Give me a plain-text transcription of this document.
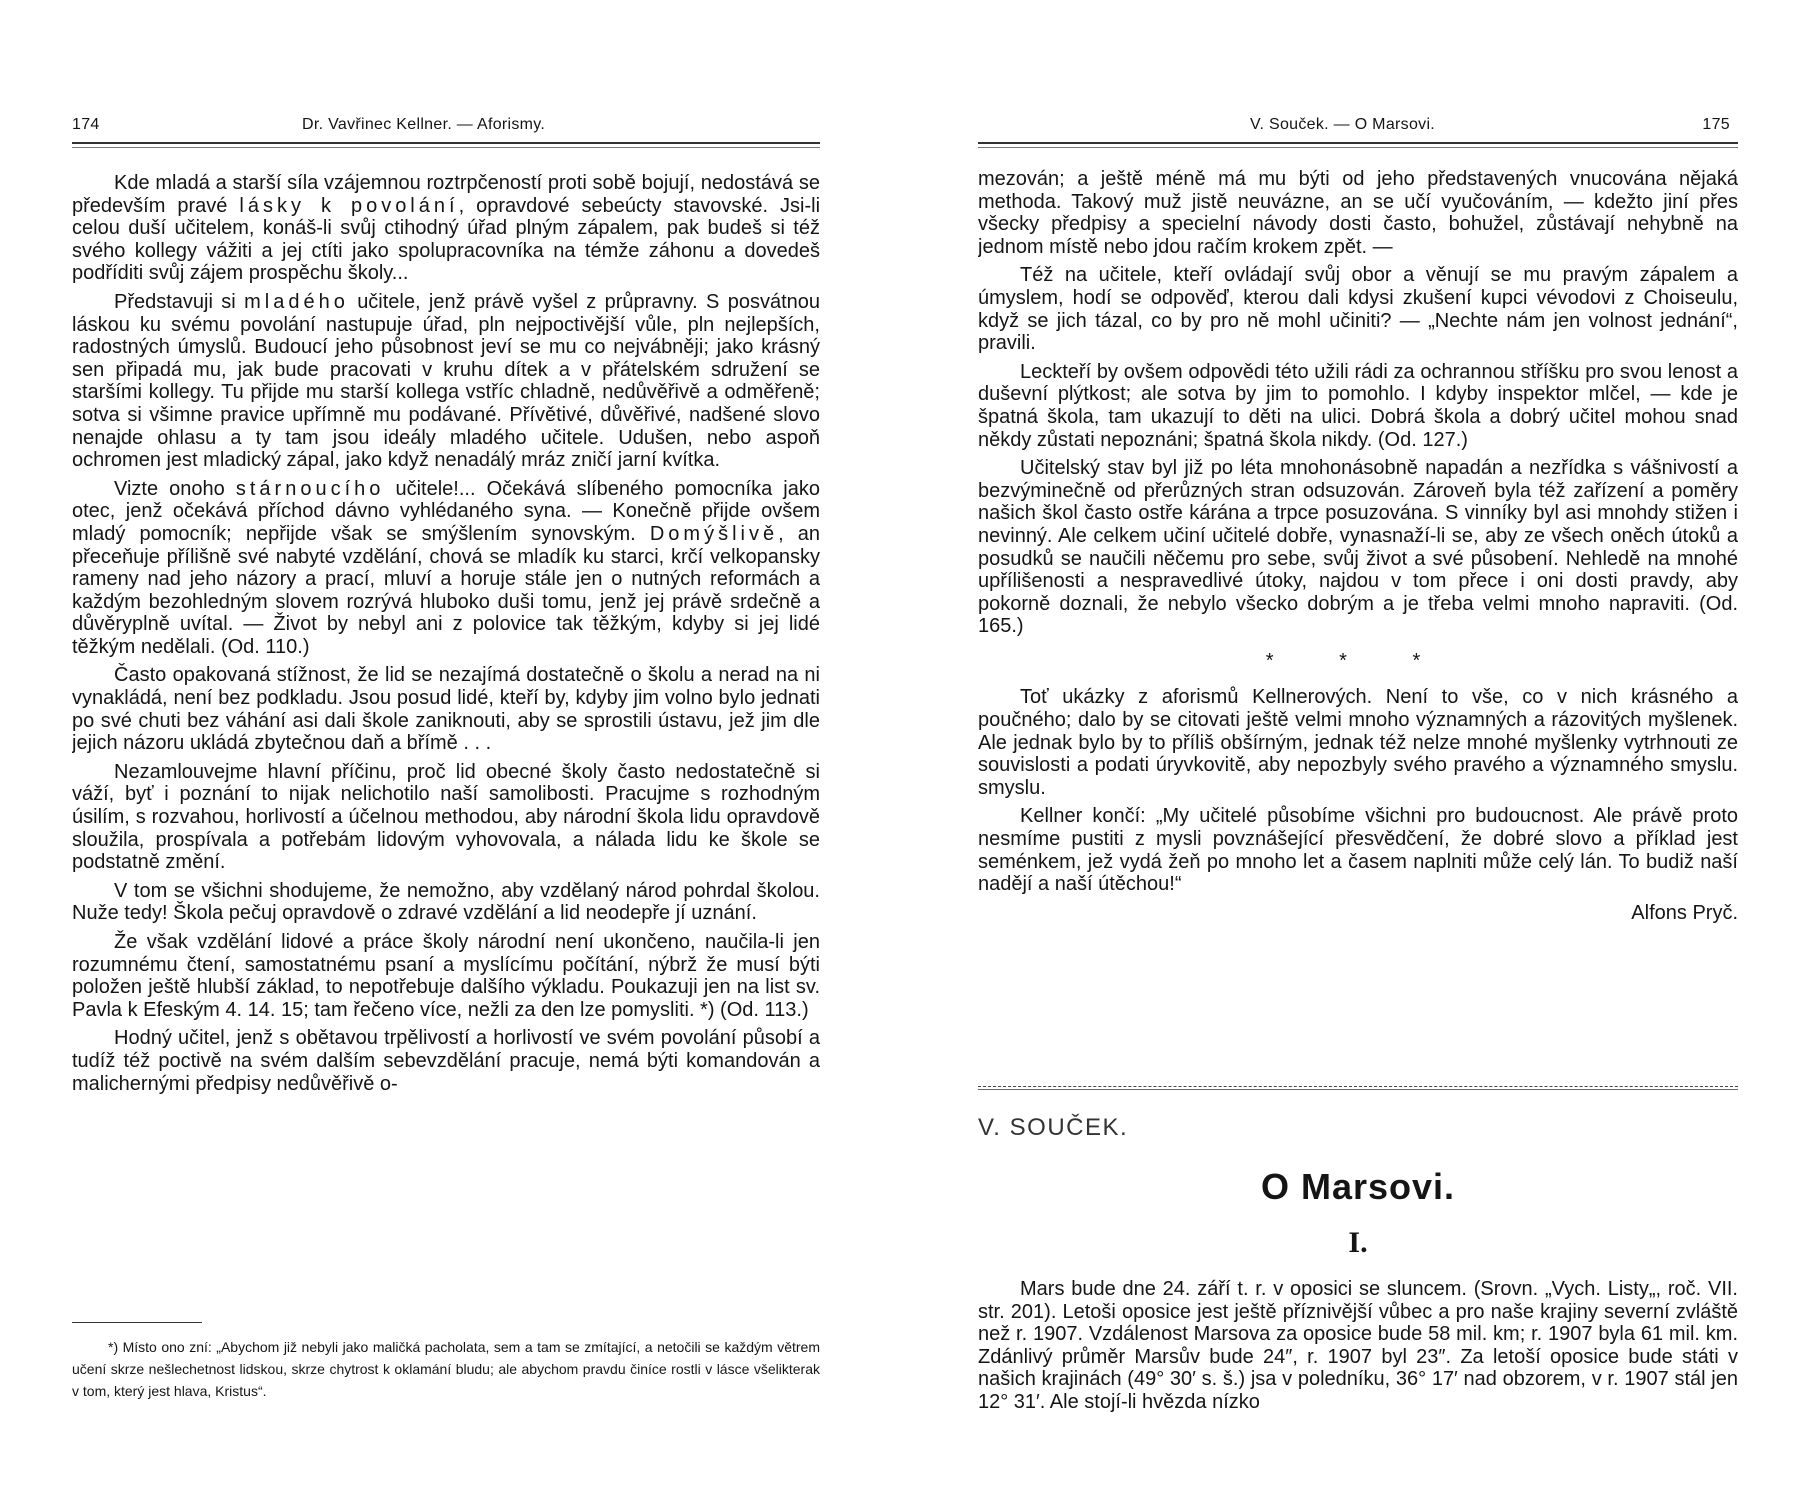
174	Dr. Vavřinec Kellner. — Aforismy.

Kde mladá a starší síla vzájemnou roztrpčeností proti sobě bojují, nedostává se především pravé lásky k povolání, opravdové sebeúcty stavovské. Jsi-li celou duší učitelem, konáš-li svůj ctihodný úřad plným zápalem, pak budeš si též svého kollegy vážiti a jej ctíti jako spolupracovníka na témže záhonu a dovedeš podříditi svůj zájem prospěchu školy...

Představuji si mladého učitele, jenž právě vyšel z průpravny. S posvátnou láskou ku svému povolání nastupuje úřad, pln nejpoctivější vůle, pln nejlepších, radostných úmyslů. Budoucí jeho působnost jeví se mu co nejvábněji; jako krásný sen připadá mu, jak bude pracovati v kruhu dítek a v přátelském sdružení se staršími kollegy. Tu přijde mu starší kollega vstříc chladně, nedůvěřivě a odměřeně; sotva si všimne pravice upřímně mu podávané. Přívětivé, důvěřivé, nadšené slovo nenajde ohlasu a ty tam jsou ideály mladého učitele. Udušen, nebo aspoň ochromen jest mladický zápal, jako když nenadálý mráz zničí jarní kvítka.

Vizte onoho stárnoucího učitele!... Očekává slíbeného pomocníka jako otec, jenž očekává příchod dávno vyhlédaného syna. — Konečně přijde ovšem mladý pomocník; nepřijde však se smýšlením synovským. Domýšlivě, an přeceňuje přílišně své nabyté vzdělání, chová se mladík ku starci, krčí velkopansky rameny nad jeho názory a prací, mluví a horuje stále jen o nutných reformách a každým bezohledným slovem rozrývá hluboko duši tomu, jenž jej právě srdečně a důvěryplně uvítal. — Život by nebyl ani z polovice tak těžkým, kdyby si jej lidé těžkým nedělali. (Od. 110.)

Často opakovaná stížnost, že lid se nezajímá dostatečně o školu a nerad na ni vynakládá, není bez podkladu. Jsou posud lidé, kteří by, kdyby jim volno bylo jednati po své chuti bez váhání asi dali škole zaniknouti, aby se sprostili ústavu, jež jim dle jejich názoru ukládá zbytečnou daň a břímě . . .

Nezamlouvejme hlavní příčinu, proč lid obecné školy často nedostatečně si váží, byť i poznání to nijak nelichotilo naší samolibosti. Pracujme s rozhodným úsilím, s rozvahou, horlivostí a účelnou methodou, aby národní škola lidu opravdově sloužila, prospívala a potřebám lidovým vyhovovala, a nálada lidu ke škole se podstatně změní.

V tom se všichni shodujeme, že nemožno, aby vzdělaný národ pohrdal školou. Nuže tedy! Škola pečuj opravdově o zdravé vzdělání a lid neodepře jí uznání.

Že však vzdělání lidové a práce školy národní není ukončeno, naučila-li jen rozumnému čtení, samostatnému psaní a myslícímu počítání, nýbrž že musí býti položen ještě hlubší základ, to nepotřebuje dalšího výkladu. Poukazuji jen na list sv. Pavla k Efeským 4. 14. 15; tam řečeno více, nežli za den lze pomysliti. *) (Od. 113.)

Hodný učitel, jenž s obětavou trpělivostí a horlivostí ve svém povolání působí a tudíž též poctivě na svém dalším sebevzdělání pracuje, nemá býti komandován a malichernými předpisy nedůvěřivě o-

*) Místo ono zní: „Abychom již nebyli jako maličká pacholata, sem a tam se zmítající, a netočili se každým větrem učení skrze nešlechetnost lidskou, skrze chytrost k oklamání bludu; ale abychom pravdu činíce rostli v lásce všelikterak v tom, který jest hlava, Kristus“.
V. Souček. — O Marsovi.	175

mezován; a ještě méně má mu býti od jeho představených vnucována nějaká methoda. Takový muž jistě neuvázne, an se učí vyučováním, — kdežto jiní přes všecky předpisy a specielní návody dosti často, bohužel, zůstávají nehybně na jednom místě nebo jdou račím krokem zpět. —

Též na učitele, kteří ovládají svůj obor a věnují se mu pravým zápalem a úmyslem, hodí se odpověď, kterou dali kdysi zkušení kupci vévodovi z Choiseulu, když se jich tázal, co by pro ně mohl učiniti? — „Nechte nám jen volnost jednání“, pravili.

Leckteří by ovšem odpovědi této užili rádi za ochrannou stříšku pro svou lenost a duševní plýtkost; ale sotva by jim to pomohlo. I kdyby inspektor mlčel, — kde je špatná škola, tam ukazují to děti na ulici. Dobrá škola a dobrý učitel mohou snad někdy zůstati nepoznáni; špatná škola nikdy. (Od. 127.)

Učitelský stav byl již po léta mnohonásobně napadán a nezřídka s vášnivostí a bezvýminečně od přerůzných stran odsuzován. Zároveň byla též zařízení a poměry našich škol často ostře kárána a trpce posuzována. S vinníky byl asi mnohdy stižen i nevinný. Ale celkem učiní učitelé dobře, vynasnaží-li se, aby ze všech oněch útoků a posudků se naučili něčemu pro sebe, svůj život a své působení. Nehledě na mnohé upřílišenosti a nespravedlivé útoky, najdou v tom přece i oni dosti pravdy, aby pokorně doznali, že nebylo všecko dobrým a je třeba velmi mnoho napraviti. (Od. 165.)

* * *

Toť ukázky z aforismů Kellnerových. Není to vše, co v nich krásného a poučného; dalo by se citovati ještě velmi mnoho významných a rázovitých myšlenek. Ale jednak bylo by to příliš obšírným, jednak též nelze mnohé myšlenky vytrhnouti ze souvislosti a podati úryvkovitě, aby nepozbyly svého pravého a významného smyslu. smyslu.

Kellner končí: „My učitelé působíme všichni pro budoucnost. Ale právě proto nesmíme pustiti z mysli povznášející přesvědčení, že dobré slovo a příklad jest seménkem, jež vydá žeň po mnoho let a časem naplniti může celý lán. To budiž naší nadějí a naší útěchou!“

Alfons Pryč.

V. SOUČEK.
O Marsovi.
I.

Mars bude dne 24. září t. r. v oposici se sluncem. (Srovn. „Vych. Listy„, roč. VII. str. 201). Letoši oposice jest ještě příznivější vůbec a pro naše krajiny severní zvláště než r. 1907. Vzdálenost Marsova za oposice bude 58 mil. km; r. 1907 byla 61 mil. km. Zdánlivý průměr Marsův bude 24″, r. 1907 byl 23″. Za letoší oposice bude státi v našich krajinách (49° 30′ s. š.) jsa v poledníku, 36° 17′ nad obzorem, v r. 1907 stál jen 12° 31′. Ale stojí-li hvězda nízko
